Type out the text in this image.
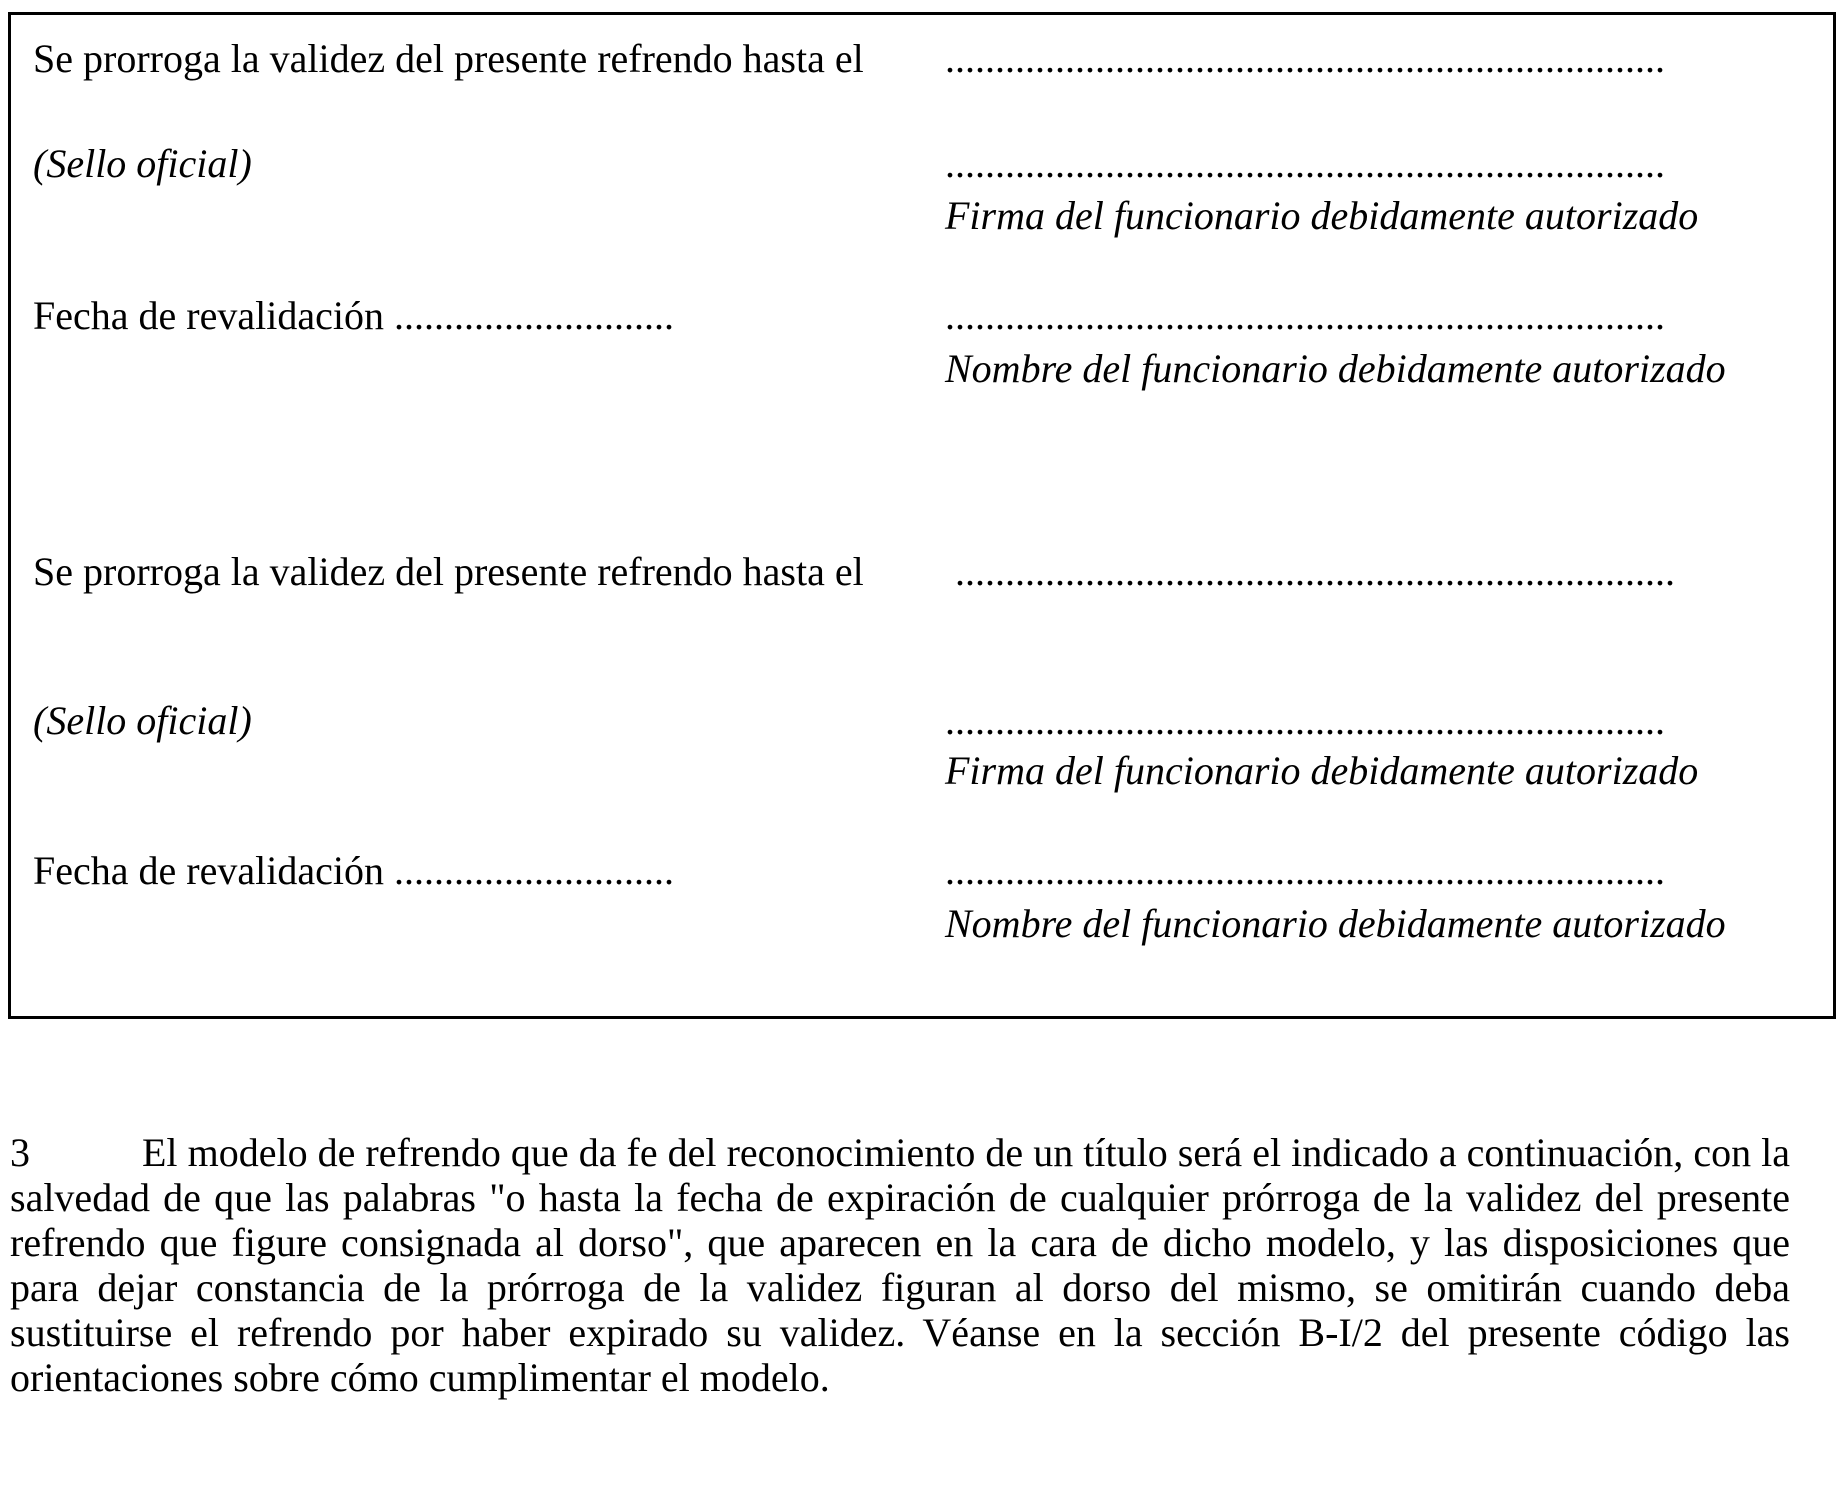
Se prorroga la validez del presente refrendo hasta el ........................................................................
(Sello oficial)	........................................................................
Firma del funcionario debidamente autorizado
Fecha de revalidación ............................	........................................................................
Nombre del funcionario debidamente autorizado
Se prorroga la validez del presente refrendo hasta el ........................................................................
(Sello oficial)	........................................................................
Firma del funcionario debidamente autorizado
Fecha de revalidación ............................	........................................................................
Nombre del funcionario debidamente autorizado
3	El modelo de refrendo que da fe del reconocimiento de un título será el indicado a continuación, con la salvedad de que las palabras "o hasta la fecha de expiración de cualquier prórroga de la validez del presente refrendo que figure consignada al dorso", que aparecen en la cara de dicho modelo, y las disposiciones que para dejar constancia de la prórroga de la validez figuran al dorso del mismo, se omitirán cuando deba sustituirse el refrendo por haber expirado su validez. Véanse en la sección B-I/2 del presente código las orientaciones sobre cómo cumplimentar el modelo.
